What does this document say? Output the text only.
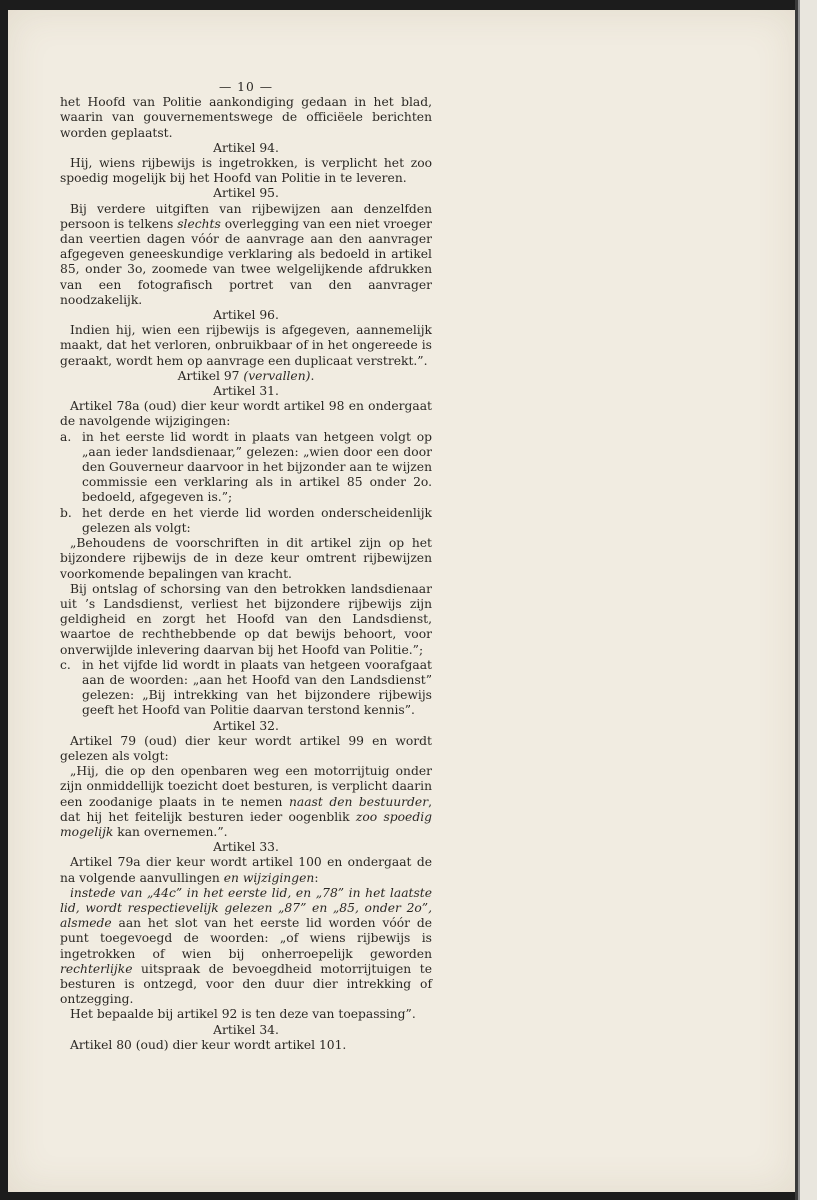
— 10 —

het Hoofd van Politie aankondiging gedaan in het blad, waarin van gouvernementswege de officiëele berichten worden geplaatst.

Artikel 94.

Hij, wiens rijbewijs is ingetrokken, is verplicht het zoo spoedig mogelijk bij het Hoofd van Politie in te leveren.

Artikel 95.

Bij verdere uitgiften van rijbewijzen aan denzelfden persoon is telkens slechts overlegging van een niet vroeger dan veertien dagen vóór de aanvrage aan den aanvrager afgegeven geneeskundige verklaring als bedoeld in artikel 85, onder 3o, zoomede van twee welgelijkende afdrukken van een fotografisch portret van den aanvrager noodzakelijk.

Artikel 96.

Indien hij, wien een rijbewijs is afgegeven, aannemelijk maakt, dat het verloren, onbruikbaar of in het ongereede is geraakt, wordt hem op aanvrage een duplicaat verstrekt.”.

Artikel 97 (vervallen).

Artikel 31.

Artikel 78a (oud) dier keur wordt artikel 98 en ondergaat de navolgende wijzigingen:

a. in het eerste lid wordt in plaats van hetgeen volgt op „aan ieder landsdienaar,” gelezen: „wien door een door den Gouverneur daarvoor in het bijzonder aan te wijzen commissie een verklaring als in artikel 85 onder 2o. bedoeld, afgegeven is.”;
b. het derde en het vierde lid worden onderscheidenlijk gelezen als volgt:

„Behoudens de voorschriften in dit artikel zijn op het bijzondere rijbewijs de in deze keur omtrent rijbewijzen voorkomende bepalingen van kracht.

Bij ontslag of schorsing van den betrokken landsdienaar uit ’s Landsdienst, verliest het bijzondere rijbewijs zijn geldigheid en zorgt het Hoofd van den Landsdienst, waartoe de rechthebbende op dat bewijs behoort, voor onverwijlde inlevering daarvan bij het Hoofd van Politie.”;

c. in het vijfde lid wordt in plaats van hetgeen voorafgaat aan de woorden: „aan het Hoofd van den Landsdienst” gelezen: „Bij intrekking van het bijzondere rijbewijs geeft het Hoofd van Politie daarvan terstond kennis”.

Artikel 32.

Artikel 79 (oud) dier keur wordt artikel 99 en wordt gelezen als volgt:

„Hij, die op den openbaren weg een motorrijtuig onder zijn onmiddellijk toezicht doet besturen, is verplicht daarin een zoodanige plaats in te nemen naast den bestuurder, dat hij het feitelijk besturen ieder oogenblik zoo spoedig mogelijk kan overnemen.”.

Artikel 33.

Artikel 79a dier keur wordt artikel 100 en ondergaat de na volgende aanvullingen en wijzigingen:

instede van „44c” in het eerste lid, en „78” in het laatste lid, wordt respectievelijk gelezen „87” en „85, onder 2o”, alsmede aan het slot van het eerste lid worden vóór de punt toegevoegd de woorden: „of wiens rijbewijs is ingetrokken of wien bij onherroepelijk geworden rechterlijke uitspraak de bevoegdheid motorrijtuigen te besturen is ontzegd, voor den duur dier intrekking of ontzegging.

Het bepaalde bij artikel 92 is ten deze van toepassing”.

Artikel 34.

Artikel 80 (oud) dier keur wordt artikel 101.
